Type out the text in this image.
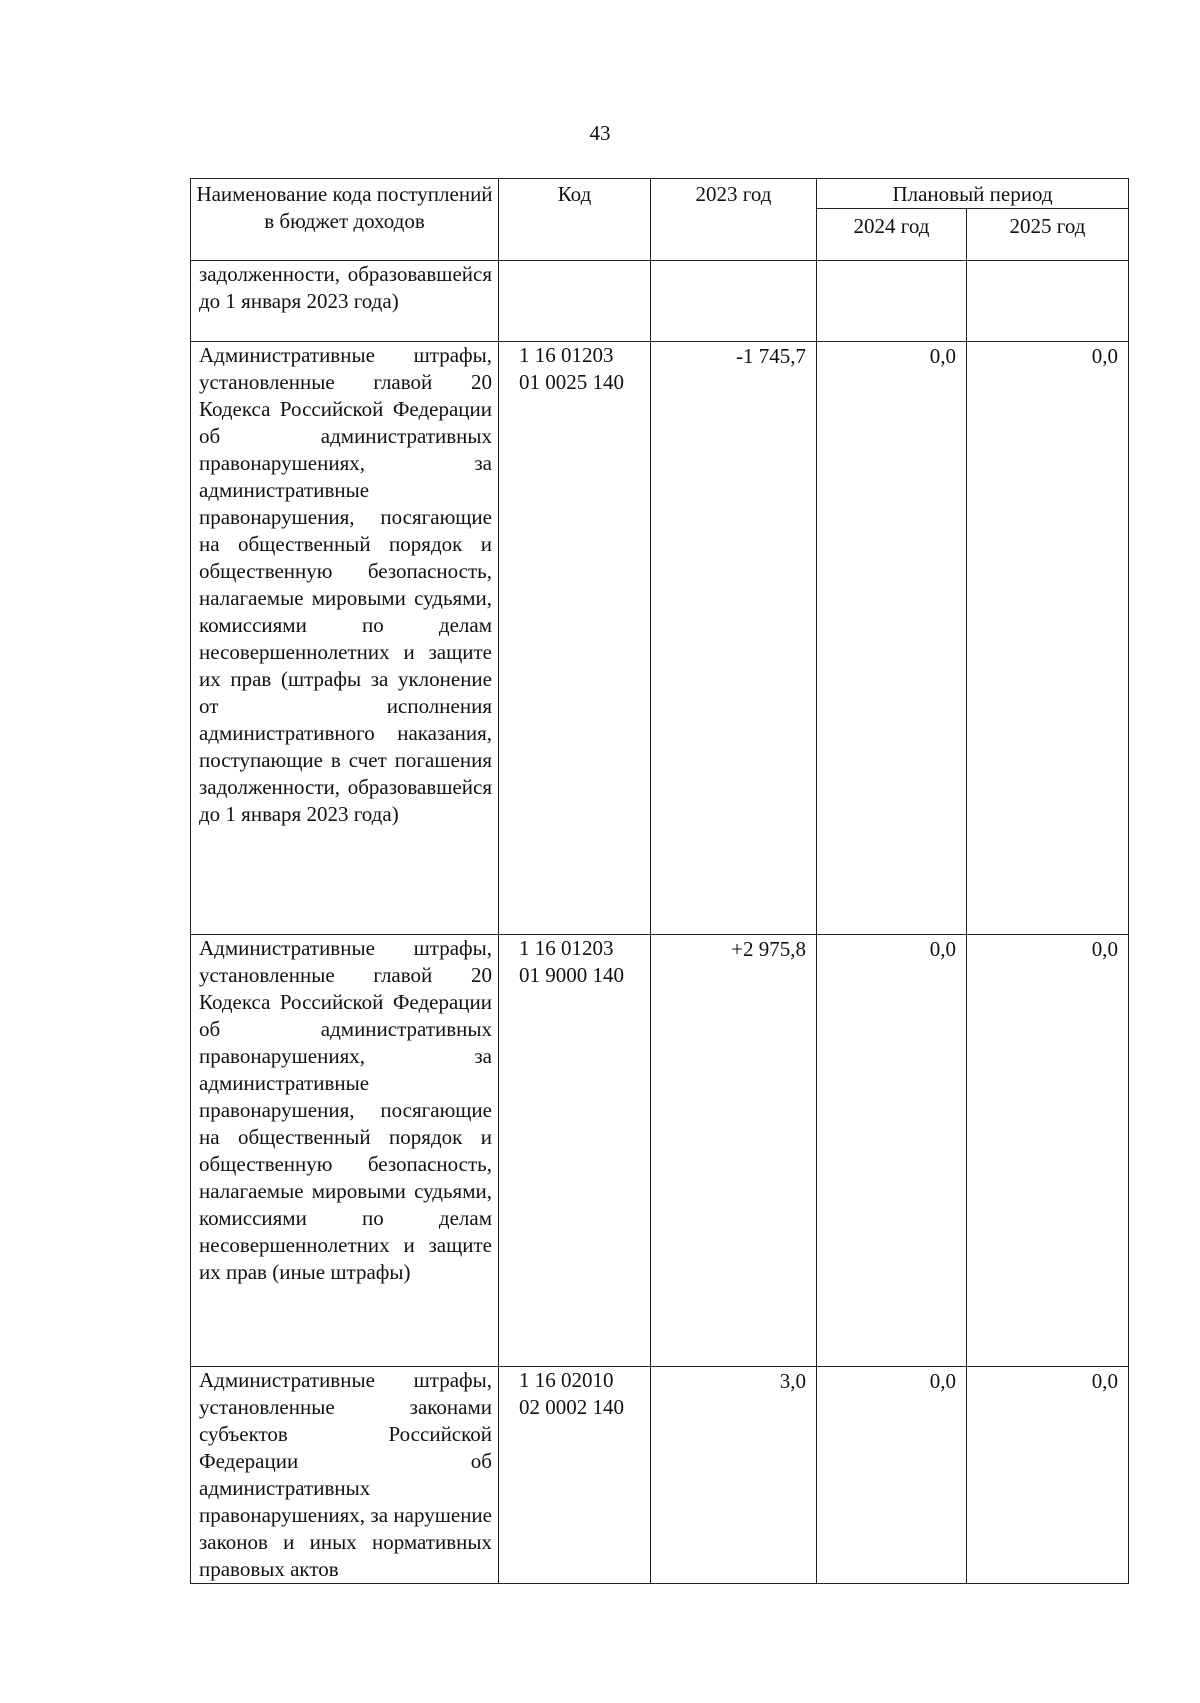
43
Наименование кода поступлений в бюджет доходов	Код	2023 год	Плановый период	
			2024 год	2025 год
задолженности, образовавшейся до 1 января 2023 года)	

Административные штрафы, установленные главой 20 Кодекса Российской Федерации об административных правонарушениях, за административные правонарушения, посягающие на общественный порядок и общественную безопасность, налагаемые мировыми судьями, комиссиями по делам несовершеннолетних и защите их прав (штрафы за уклонение от исполнения административного наказания, поступающие в счет погашения задолженности, образовавшейся до 1 января 2023 года)	1 16 01203
01 0025 140	-1 745,7	0,0	0,0
Административные штрафы, установленные главой 20 Кодекса Российской Федерации об административных правонарушениях, за административные правонарушения, посягающие на общественный порядок и общественную безопасность, налагаемые мировыми судьями, комиссиями по делам несовершеннолетних и защите их прав (иные штрафы)	1 16 01203
01 9000 140	+2 975,8	0,0	0,0
Административные штрафы, установленные законами субъектов Российской Федерации об административных правонарушениях, за нарушение законов и иных нормативных правовых актов	1 16 02010
02 0002 140	3,0	0,0	0,0
